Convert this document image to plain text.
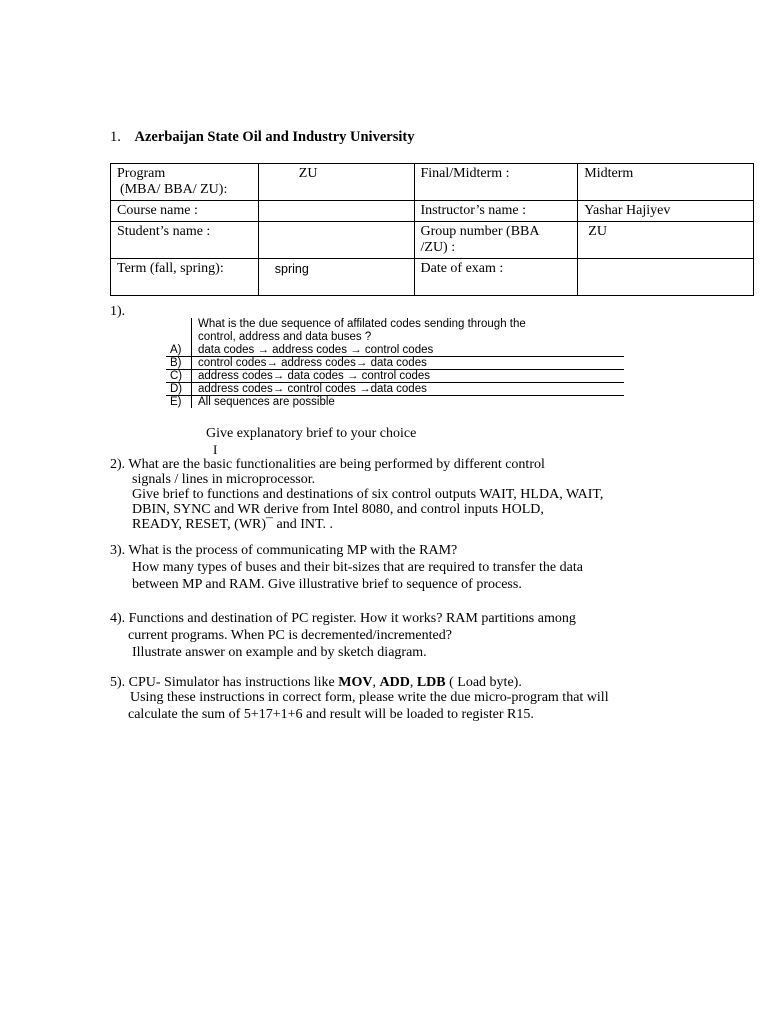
1. Azerbaijan State Oil and Industry University
Program
(MBA/ BBA/ ZU):	ZU	Final/Midterm :	Midterm
Course name :		Instructor’s name :	Yashar Hajiyev
Student’s name :		Group number (BBA
/ZU) :	ZU
Term (fall, spring):	spring	Date of exam :	
1).
What is the due sequence of affilated codes sending through the
control, address and data buses ?
A) data codes → address codes → control codes
B) control codes→ address codes→ data codes
C) address codes→ data codes → control codes
D) address codes→ control codes →data codes
E) All sequences are possible
Give explanatory brief to your choice
I
2). What are the basic functionalities are being performed by different control
signals / lines in microprocessor.
Give brief to functions and destinations of six control outputs WAIT, HLDA, WAIT,
DBIN, SYNC and WR derive from Intel 8080, and control inputs HOLD,
READY, RESET, (WR)¯ and INT. .
3). What is the process of communicating MP with the RAM?
How many types of buses and their bit-sizes that are required to transfer the data
between MP and RAM. Give illustrative brief to sequence of process.
4). Functions and destination of PC register. How it works? RAM partitions among
current programs. When PC is decremented/incremented?
Illustrate answer on example and by sketch diagram.
5). CPU- Simulator has instructions like MOV, ADD, LDB ( Load byte).
Using these instructions in correct form, please write the due micro-program that will
calculate the sum of 5+17+1+6 and result will be loaded to register R15.
